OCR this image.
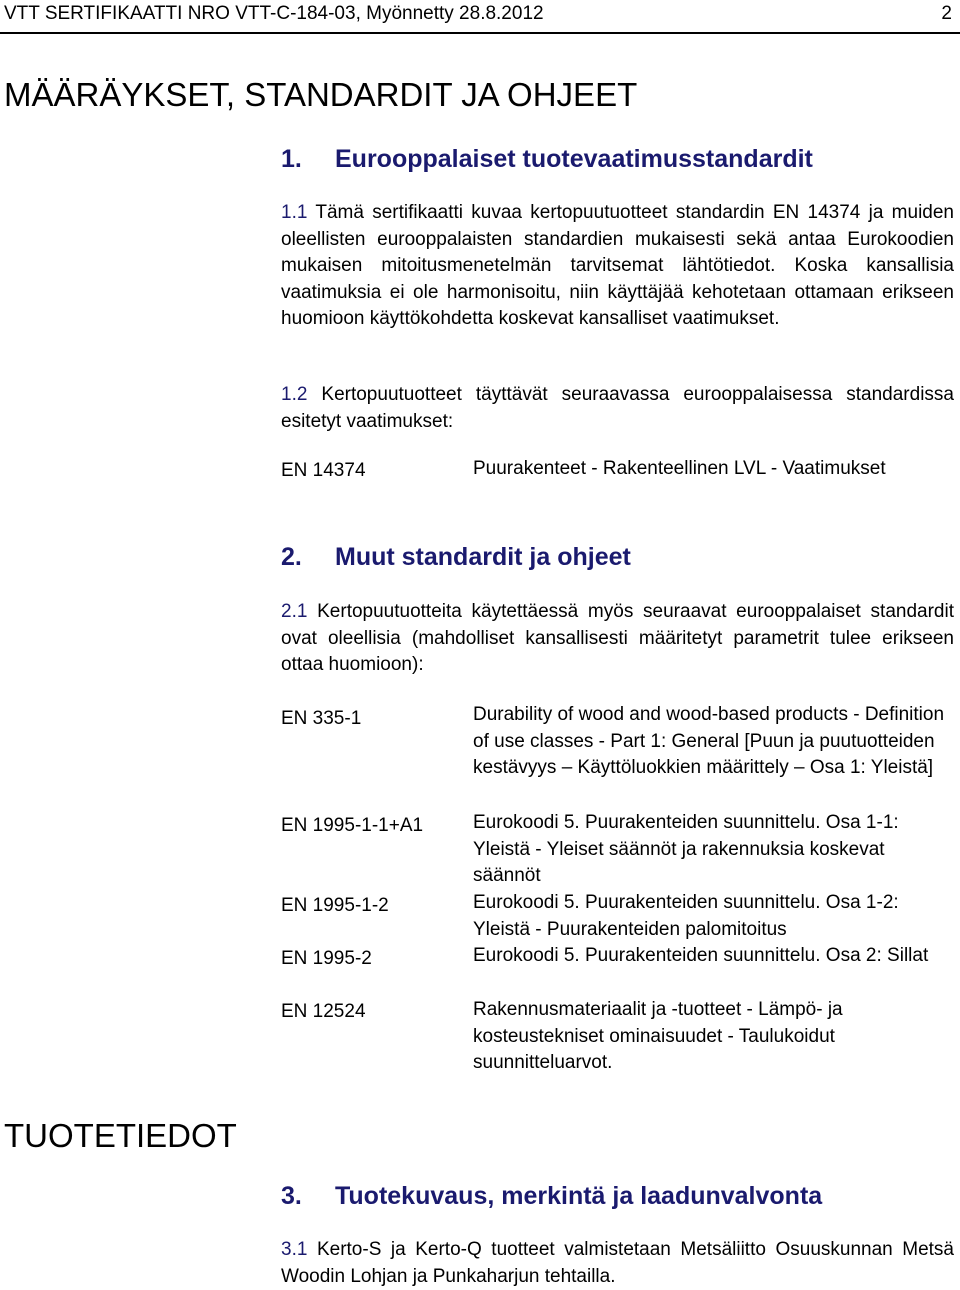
VTT SERTIFIKAATTI NRO VTT-C-184-03, Myönnetty 28.8.2012	2
MÄÄRÄYKSET, STANDARDIT JA OHJEET
1. Eurooppalaiset tuotevaatimusstandardit
1.1 Tämä sertifikaatti kuvaa kertopuutuotteet standardin EN 14374 ja muiden oleellisten eurooppalaisten standardien mukaisesti sekä antaa Eurokoodien mukaisen mitoitusmenetelmän tarvitsemat lähtötiedot. Koska kansallisia vaatimuksia ei ole harmonisoitu, niin käyttäjää kehotetaan ottamaan erikseen huomioon käyttökohdetta koskevat kansalliset vaatimukset.
1.2 Kertopuutuotteet täyttävät seuraavassa eurooppalaisessa standardissa esitetyt vaatimukset:
EN 14374	Puurakenteet - Rakenteellinen LVL - Vaatimukset
2. Muut standardit ja ohjeet
2.1 Kertopuutuotteita käytettäessä myös seuraavat eurooppalaiset standardit ovat oleellisia (mahdolliset kansallisesti määritetyt parametrit tulee erikseen ottaa huomioon):
EN 335-1	Durability of wood and wood-based products - Definition of use classes - Part 1: General [Puun ja puutuotteiden kestävyys – Käyttöluokkien määrittely – Osa 1: Yleistä]
EN 1995-1-1+A1	Eurokoodi 5. Puurakenteiden suunnittelu. Osa 1-1: Yleistä - Yleiset säännöt ja rakennuksia koskevat säännöt
EN 1995-1-2	Eurokoodi 5. Puurakenteiden suunnittelu. Osa 1-2: Yleistä - Puurakenteiden palomitoitus
EN 1995-2	Eurokoodi 5. Puurakenteiden suunnittelu. Osa 2: Sillat
EN 12524	Rakennusmateriaalit ja -tuotteet - Lämpö- ja kosteustekniset ominaisuudet - Taulukoidut suunnitteluarvot.
TUOTETIEDOT
3. Tuotekuvaus, merkintä ja laadunvalvonta
3.1 Kerto-S ja Kerto-Q tuotteet valmistetaan Metsäliitto Osuuskunnan Metsä Woodin Lohjan ja Punkaharjun tehtailla.
